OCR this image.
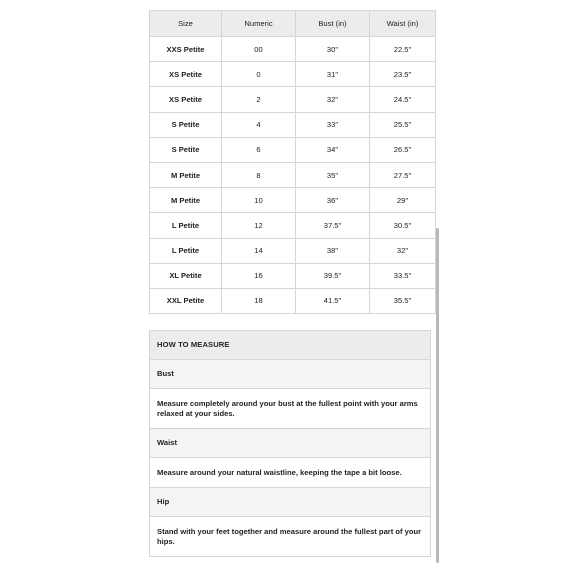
Size	Numeric	Bust (in)	Waist (in)
XXS Petite	00	30"	22.5"
XS Petite	0	31"	23.5"
XS Petite	2	32"	24.5"
S Petite	4	33"	25.5"
S Petite	6	34"	26.5"
M Petite	8	35"	27.5"
M Petite	10	36"	29"
L Petite	12	37.5"	30.5"
L Petite	14	38"	32"
XL Petite	16	39.5"	33.5"
XXL Petite	18	41.5"	35.5"
HOW TO MEASURE
Bust
Measure completely around your bust at the fullest point with your arms relaxed at your sides.
Waist
Measure around your natural waistline, keeping the tape a bit loose.
Hip
Stand with your feet together and measure around the fullest part of your hips.
